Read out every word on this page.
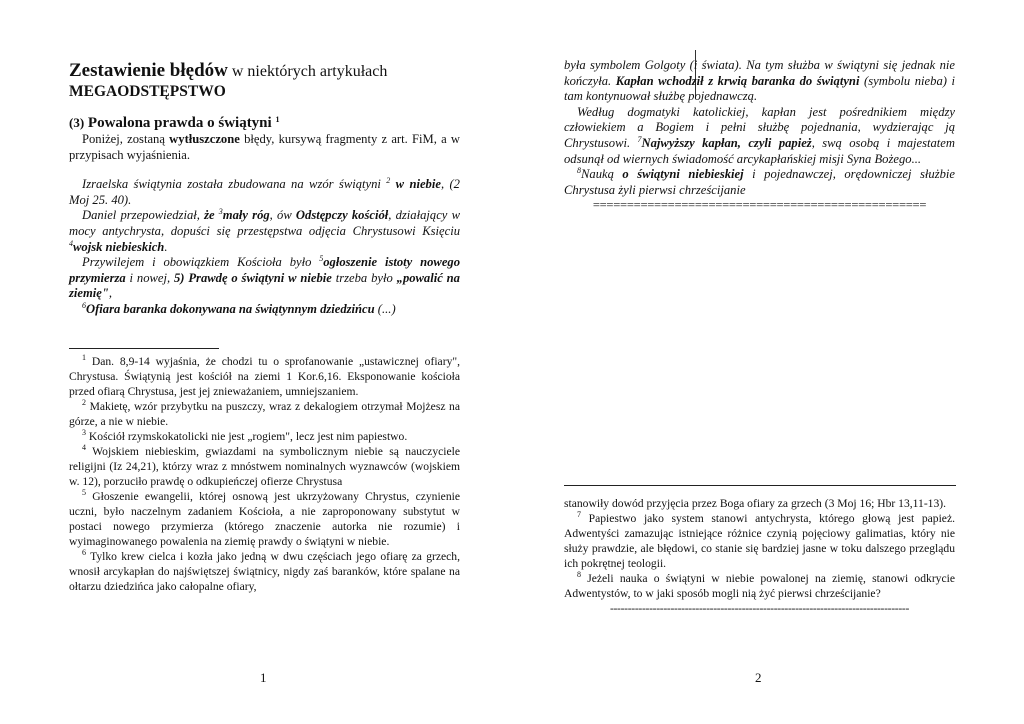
Zestawienie błędów w niektórych artykułach

MEGAODSTĘPSTWO

(3) Powalona prawda o świątyni $^1$

Poniżej, zostaną wytłuszczone błędy, kursywą fragmenty z art. FiM, a w przypisach wyjaśnienia.

Izraelska świątynia została zbudowana na wzór świątyni $^2$ w niebie, (2 Moj 25. 40).

Daniel przepowiedział, że $^3$mały róg, ów Odstępczy kościół, działający w mocy antychrysta, dopuści się przestępstwa odjęcia Chrystusowi Księciu $^4$wojsk niebieskich.

Przywilejem i obowiązkiem Kościoła było $^5$ogłoszenie istoty nowego przymierza i nowej, 5) Prawdę o świątyni w niebie trzeba było „powalić na ziemię",

$^6$Ofiara baranka dokonywana na świątynnym dziedzińcu (...)

$^1$ Dan. 8,9-14 wyjaśnia, że chodzi tu o sprofanowanie „ustawicznej ofiary", Chrystusa. Świątynią jest kościół na ziemi 1 Kor.6,16. Eksponowanie kościoła przed ofiarą Chrystusa, jest jej znieważaniem, umniejszaniem.

$^2$ Makietę, wzór przybytku na puszczy, wraz z dekalogiem otrzymał Mojżesz na górze, a nie w niebie.

$^3$ Kościół rzymskokatolicki nie jest „rogiem", lecz jest nim papiestwo.

$^4$ Wojskiem niebieskim, gwiazdami na symbolicznym niebie są nauczyciele religijni (Iz 24,21), którzy wraz z mnóstwem nominalnych wyznawców (wojskiem w. 12), porzuciło prawdę o odkupieńczej ofierze Chrystusa

$^5$ Głoszenie ewangelii, której osnową jest ukrzyżowany Chrystus, czynienie uczni, było naczelnym zadaniem Kościoła, a nie zaproponowany substytut w postaci nowego przymierza (którego znaczenie autorka nie rozumie) i wyimaginowanego powalenia na ziemię prawdy o świątyni w niebie.

$^6$ Tylko krew cielca i kozła jako jedną w dwu częściach jego ofiarę za grzech, wnosił arcykapłan do najświętszej świątnicy, nigdy zaś baranków, które spalane na ołtarzu dziedzińca jako całopalne ofiary,

1

była symbolem Golgoty (i świata). Na tym służba w świątyni się jednak nie kończyła. Kapłan wchodził z krwią baranka do świątyni (symbolu nieba) i tam kontynuował służbę pojednawczą.

Według dogmatyki katolickiej, kapłan jest pośrednikiem między człowiekiem a Bogiem i pełni służbę pojednania, wydzierając ją Chrystusowi. $^7$Najwyższy kapłan, czyli papież, swą osobą i majestatem odsunął od wiernych świadomość arcykapłańskiej misji Syna Bożego...

$^8$Nauką o świątyni niebieskiej i pojednawczej, orędowniczej służbie Chrystusa żyli pierwsi chrześcijanie

=================================================

stanowiły dowód przyjęcia przez Boga ofiary za grzech (3 Moj 16; Hbr 13,11-13).

$^7$ Papiestwo jako system stanowi antychrysta, którego głową jest papież. Adwentyści zamazując istniejące różnice czynią pojęciowy galimatias, który nie służy prawdzie, ale błędowi, co stanie się bardziej jasne w toku dalszego przeglądu ich pokrętnej teologii.

$^8$ Jeżeli nauka o świątyni w niebie powalonej na ziemię, stanowi odkrycie Adwentystów, to w jaki sposób mogli nią żyć pierwsi chrześcijanie?

------------------------------------------------------------------------------------

2
